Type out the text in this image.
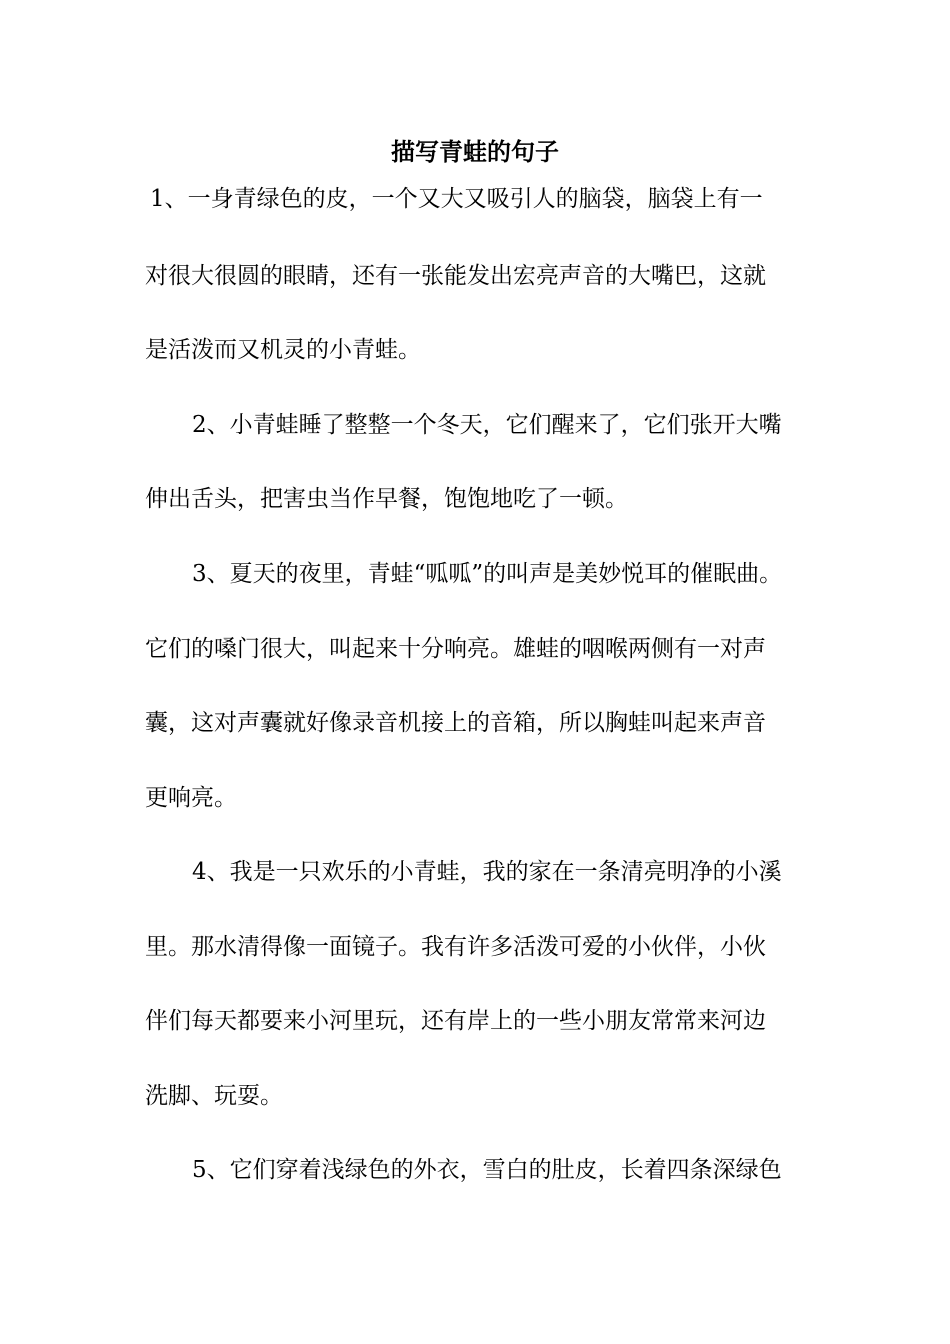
描写青蛙的句子
1、一身青绿色的皮，一个又大又吸引人的脑袋，脑袋上有一
对很大很圆的眼睛，还有一张能发出宏亮声音的大嘴巴，这就
是活泼而又机灵的小青蛙。
2、小青蛙睡了整整一个冬天，它们醒来了，它们张开大嘴
伸出舌头，把害虫当作早餐，饱饱地吃了一顿。
3、夏天的夜里，青蛙“呱呱”的叫声是美妙悦耳的催眠曲。
它们的嗓门很大，叫起来十分响亮。雄蛙的咽喉两侧有一对声
囊，这对声囊就好像录音机接上的音箱，所以胸蛙叫起来声音
更响亮。
4、我是一只欢乐的小青蛙，我的家在一条清亮明净的小溪
里。那水清得像一面镜子。我有许多活泼可爱的小伙伴，小伙
伴们每天都要来小河里玩，还有岸上的一些小朋友常常来河边
洗脚、玩耍。
5、它们穿着浅绿色的外衣，雪白的肚皮，长着四条深绿色
